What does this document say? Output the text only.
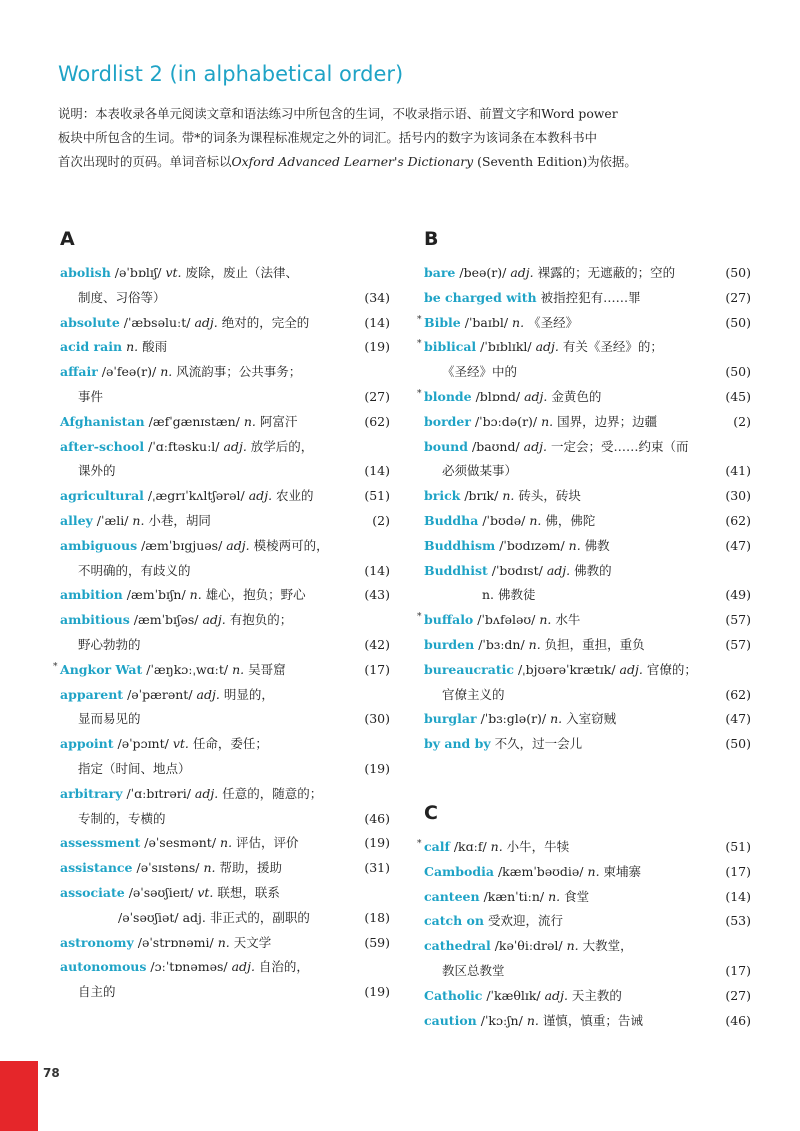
Wordlist 2 (in alphabetical order)

说明：本表收录各单元阅读文章和语法练习中所包含的生词，不收录指示语、前置文字和Word power

板块中所包含的生词。带*的词条为课程标准规定之外的词汇。括号内的数字为该词条在本教科书中

首次出现时的页码。单词音标以Oxford Advanced Learner's Dictionary (Seventh Edition)为依据。

A
abolish /əˈbɒlɪʃ/ vt. 废除，废止（法律、
制度、习俗等）	(34)
absolute /ˈæbsəluːt/ adj. 绝对的，完全的	(14)
acid rain n. 酸雨	(19)
affair /əˈfeə(r)/ n. 风流韵事；公共事务；
事件	(27)
Afghanistan /æfˈgænɪstæn/ n. 阿富汗	(62)
after-school /ˈɑːftəskuːl/ adj. 放学后的，
课外的	(14)
agricultural /ˌægrɪˈkʌltʃərəl/ adj. 农业的	(51)
alley /ˈæli/ n. 小巷，胡同	(2)
ambiguous /æmˈbɪgjuəs/ adj. 模棱两可的，
不明确的，有歧义的	(14)
ambition /æmˈbɪʃn/ n. 雄心，抱负；野心	(43)
ambitious /æmˈbɪʃəs/ adj. 有抱负的；
野心勃勃的	(42)
* Angkor Wat /ˈæŋkɔːˌwɑːt/ n. 吴哥窟	(17)
apparent /əˈpærənt/ adj. 明显的，
显而易见的	(30)
appoint /əˈpɔɪnt/ vt. 任命，委任；
指定（时间、地点）	(19)
arbitrary /ˈɑːbɪtrəri/ adj. 任意的，随意的；
专制的，专横的	(46)
assessment /əˈsesmənt/ n. 评估，评价	(19)
assistance /əˈsɪstəns/ n. 帮助，援助	(31)
associate /əˈsəʊʃieɪt/ vt. 联想，联系
/əˈsəʊʃiət/ adj. 非正式的，副职的	(18)
astronomy /əˈstrɒnəmi/ n. 天文学	(59)
autonomous /ɔːˈtɒnəməs/ adj. 自治的，
自主的	(19)
B
bare /beə(r)/ adj. 裸露的；无遮蔽的；空的	(50)
be charged with 被指控犯有……罪	(27)
* Bible /ˈbaɪbl/ n. 《圣经》	(50)
* biblical /ˈbɪblɪkl/ adj. 有关《圣经》的；
《圣经》中的	(50)
* blonde /blɒnd/ adj. 金黄色的	(45)
border /ˈbɔːdə(r)/ n. 国界，边界；边疆	(2)
bound /baʊnd/ adj. 一定会；受……约束（而
必须做某事）	(41)
brick /brɪk/ n. 砖头，砖块	(30)
Buddha /ˈbʊdə/ n. 佛，佛陀	(62)
Buddhism /ˈbʊdɪzəm/ n. 佛教	(47)
Buddhist /ˈbʊdɪst/ adj. 佛教的
n. 佛教徒	(49)
* buffalo /ˈbʌfələʊ/ n. 水牛	(57)
burden /ˈbɜːdn/ n. 负担，重担，重负	(57)
bureaucratic /ˌbjʊərəˈkrætɪk/ adj. 官僚的；
官僚主义的	(62)
burglar /ˈbɜːglə(r)/ n. 入室窃贼	(47)
by and by 不久，过一会儿	(50)
C
* calf /kɑːf/ n. 小牛，牛犊	(51)
Cambodia /kæmˈbəʊdiə/ n. 柬埔寨	(17)
canteen /kænˈtiːn/ n. 食堂	(14)
catch on 受欢迎，流行	(53)
cathedral /kəˈθiːdrəl/ n. 大教堂，
教区总教堂	(17)
Catholic /ˈkæθlɪk/ adj. 天主教的	(27)
caution /ˈkɔːʃn/ n. 谨慎，慎重；告诫	(46)
78
